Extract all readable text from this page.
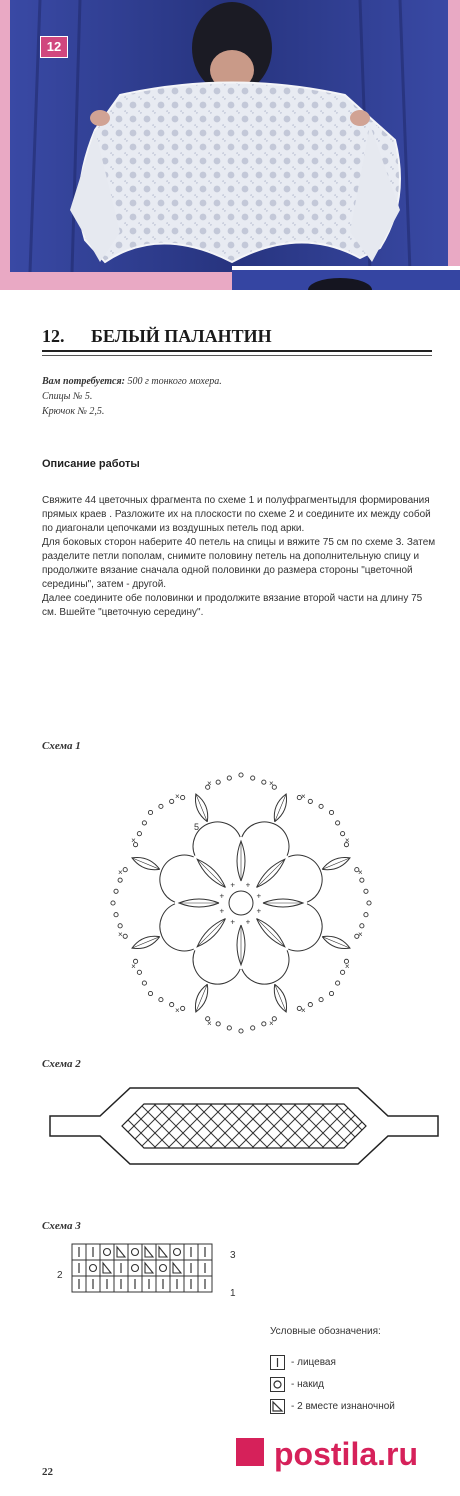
12
12. БЕЛЫЙ ПАЛАНТИН
Вам потребуется: 500 г тонкого мохера.
Спицы № 5.
Крючок № 2,5.
Описание работы

Свяжите 44 цветочных фрагмента по схеме 1 и полуфрагментыдля формирования прямых краев . Разложите их на плоскости по схеме 2 и соедините их между собой по диагонали цепочками из воздушных петель под арки.

Для боковых сторон наберите 40 петель на спицы и вяжите 75 см по схеме 3. Затем разделите петли пополам, снимите половину петель на дополнительную спицу и продолжите вязание сначала одной половинки до размера стороны "цветочной середины", затем - другой.

Далее соедините обе половинки и продолжите вязание второй части на длину 75 см. Вшейте "цветочную середину".

Схема 1
+
+
+
+
+
+ +
+
×
×
×
×
×
×
×
×
×
×
×
×	×
×
×
×
5
Схема 2
Схема 3
3
2
1
Условные обозначения:
- лицевая
- накид
- 2 вместе изнаночной
22	postila.ru
